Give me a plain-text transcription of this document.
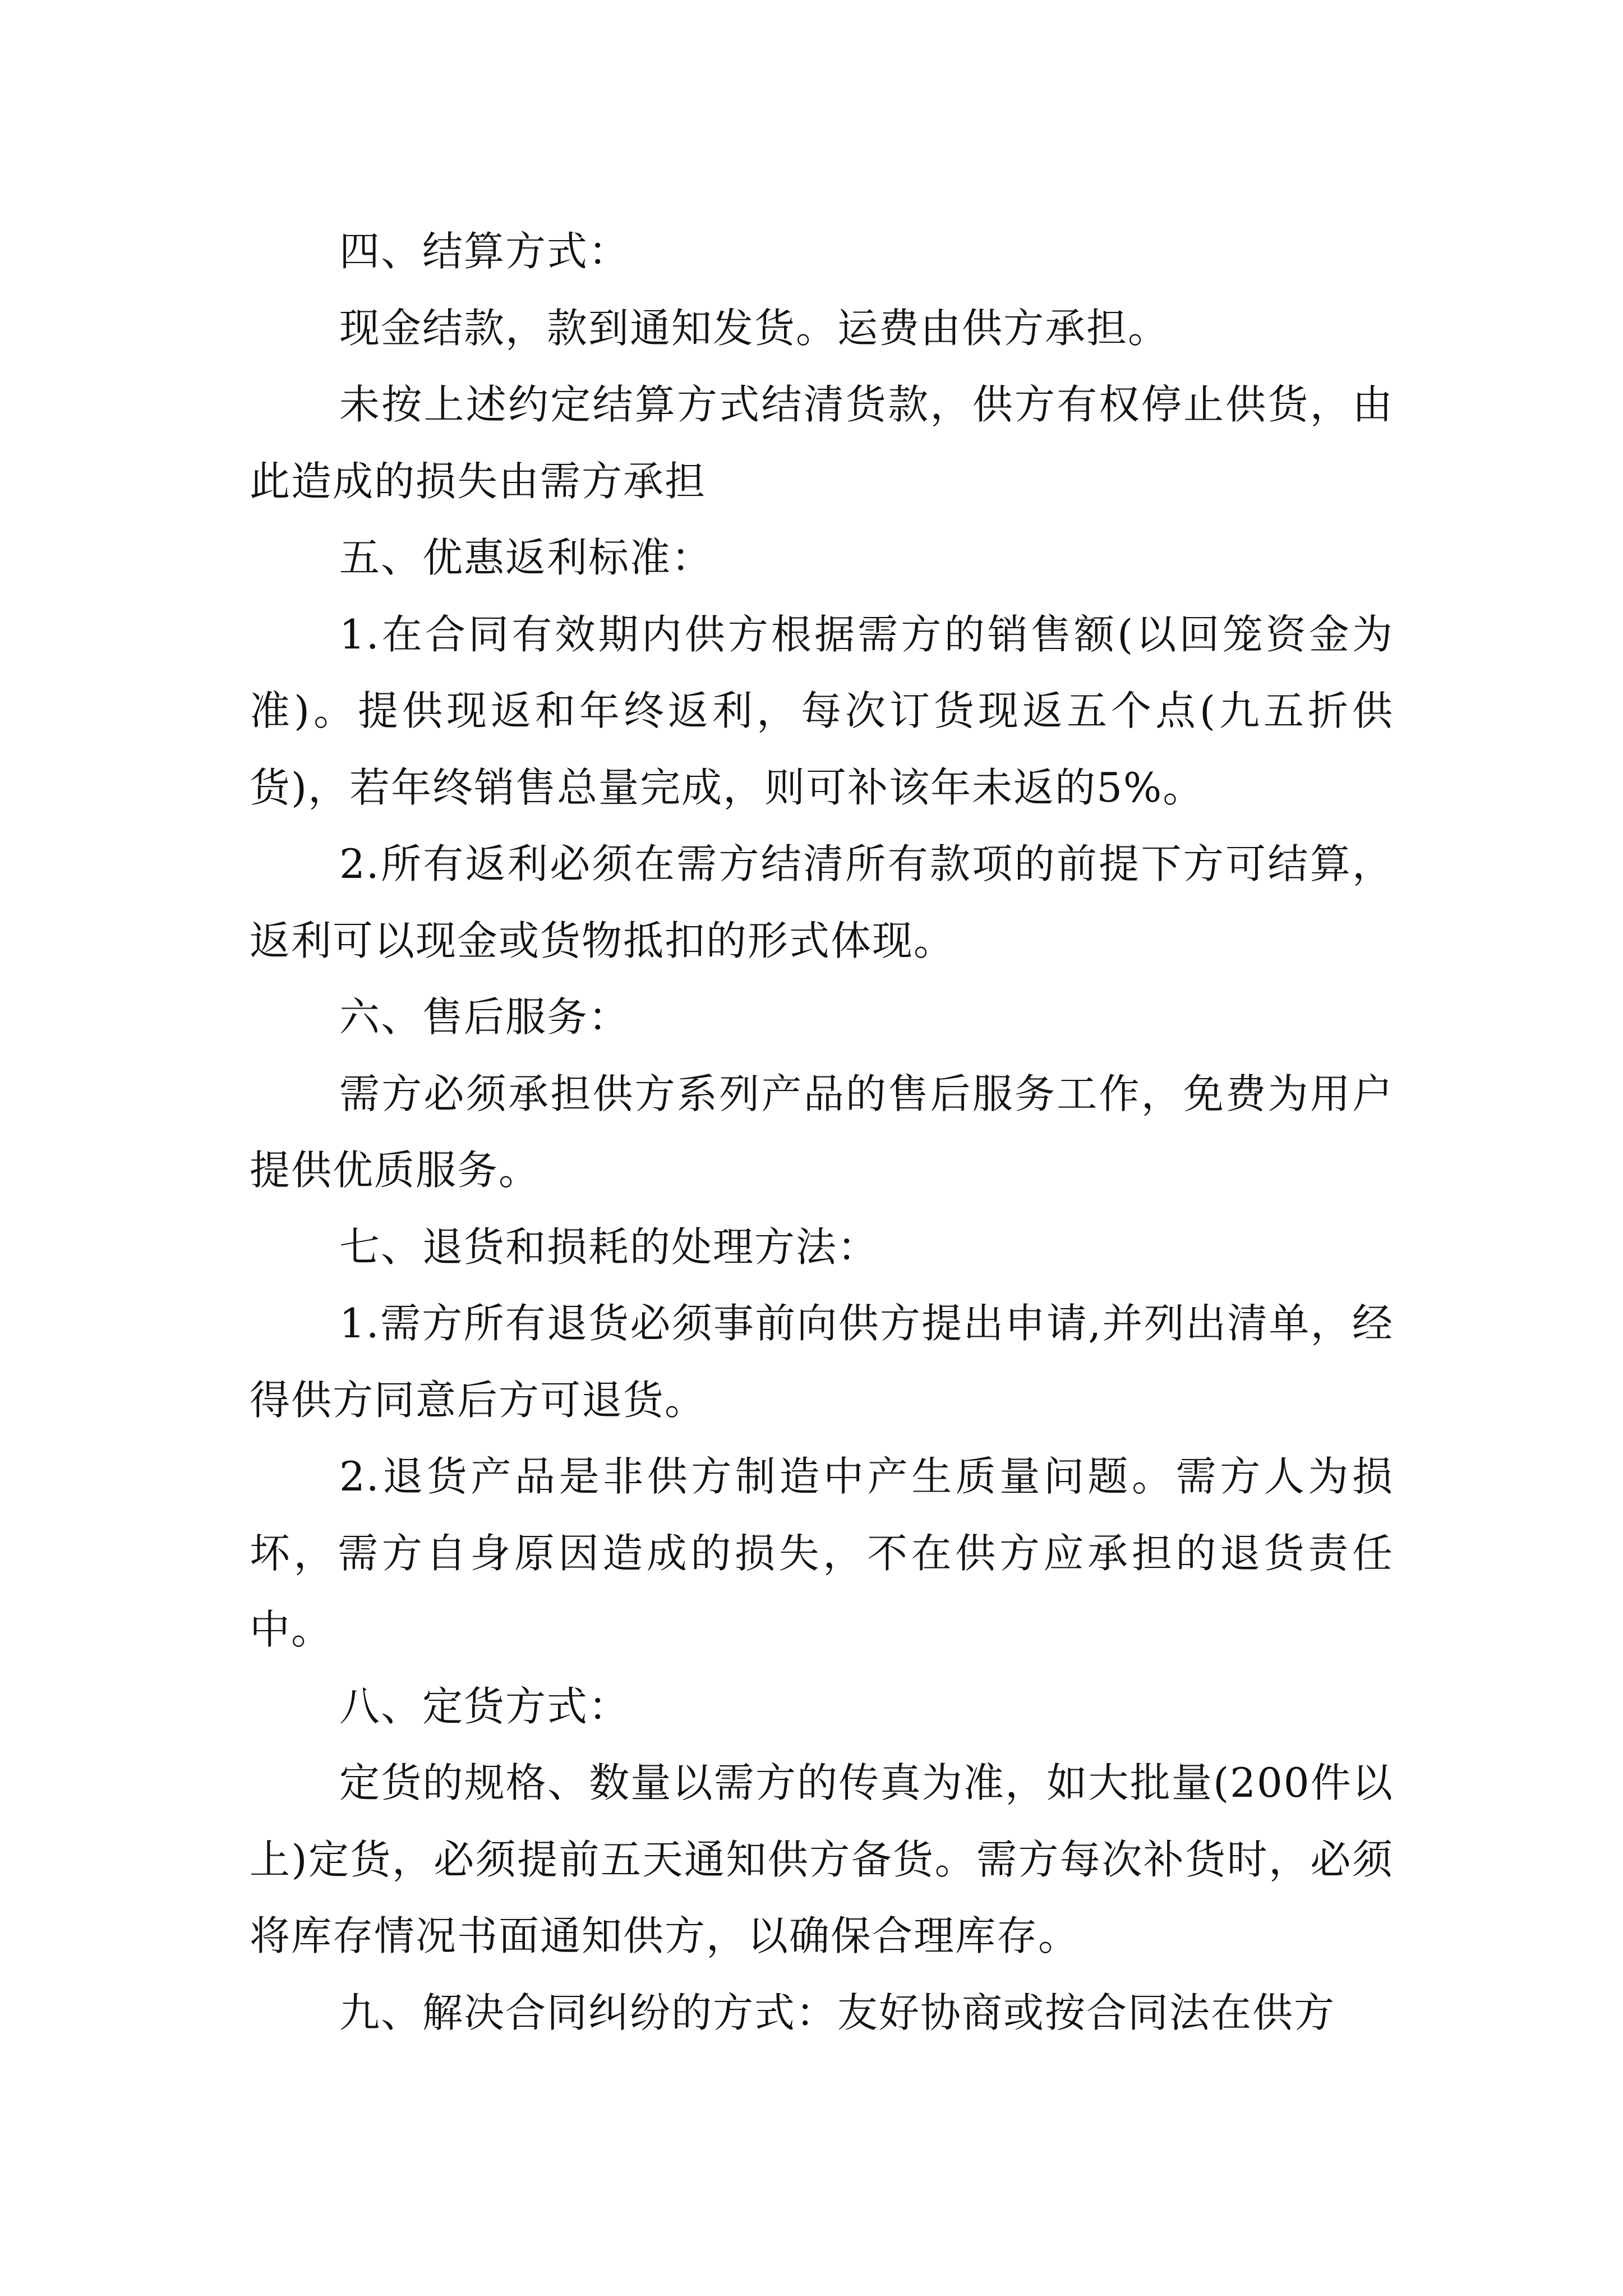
四、结算方式：

现金结款，款到通知发货。运费由供方承担。

未按上述约定结算方式结清货款，供方有权停止供货，由此造成的损失由需方承担

五、优惠返利标准：

1.在合同有效期内供方根据需方的销售额(以回笼资金为准)。提供现返和年终返利，每次订货现返五个点(九五折供货)，若年终销售总量完成，则可补该年未返的5%。

2.所有返利必须在需方结清所有款项的前提下方可结算，返利可以现金或货物抵扣的形式体现。

六、售后服务：

需方必须承担供方系列产品的售后服务工作，免费为用户提供优质服务。

七、退货和损耗的处理方法：

1.需方所有退货必须事前向供方提出申请,并列出清单，经得供方同意后方可退货。

2.退货产品是非供方制造中产生质量问题。需方人为损坏，需方自身原因造成的损失，不在供方应承担的退货责任中。

八、定货方式：

定货的规格、数量以需方的传真为准，如大批量(200件以上)定货，必须提前五天通知供方备货。需方每次补货时，必须将库存情况书面通知供方，以确保合理库存。

九、解决合同纠纷的方式：友好协商或按合同法在供方
